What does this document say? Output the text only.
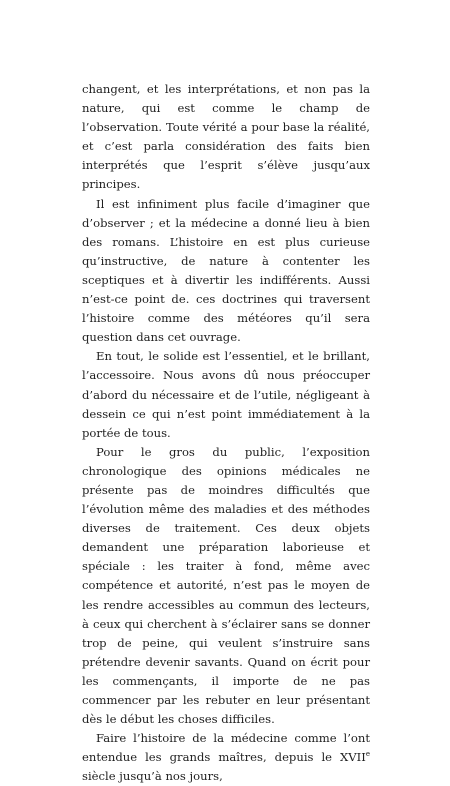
changent, et les interprétations, et non pas la nature, qui est comme le champ de l’observation. Toute vérité a pour base la réalité, et c’est parla considération des faits bien interprétés que l’esprit s’élève jusqu’aux principes.

Il est infiniment plus facile d’imaginer que d’observer ; et la médecine a donné lieu à bien des romans. L’histoire en est plus curieuse qu’instructive, de nature à contenter les sceptiques et à divertir les indifférents. Aussi n’est-ce point de. ces doctrines qui traversent l’histoire comme des météores qu’il sera question dans cet ouvrage.

En tout, le solide est l’essentiel, et le brillant, l’accessoire. Nous avons dû nous préoccuper d’abord du nécessaire et de l’utile, négligeant à dessein ce qui n’est point immédiatement à la portée de tous.

Pour le gros du public, l’exposition chronologique des opinions médicales ne présente pas de moindres difficultés que l’évolution même des maladies et des méthodes diverses de traitement. Ces deux objets demandent une préparation laborieuse et spéciale : les traiter à fond, même avec compétence et autorité, n’est pas le moyen de les rendre accessibles au commun des lecteurs, à ceux qui cherchent à s’éclairer sans se donner trop de peine, qui veulent s’instruire sans prétendre devenir savants. Quand on écrit pour les commençants, il importe de ne pas commencer par les rebuter en leur présentant dès le début les choses difficiles.

Faire l’histoire de la médecine comme l’ont entendue les grands maîtres, depuis le XVIIe siècle jusqu’à nos jours,
